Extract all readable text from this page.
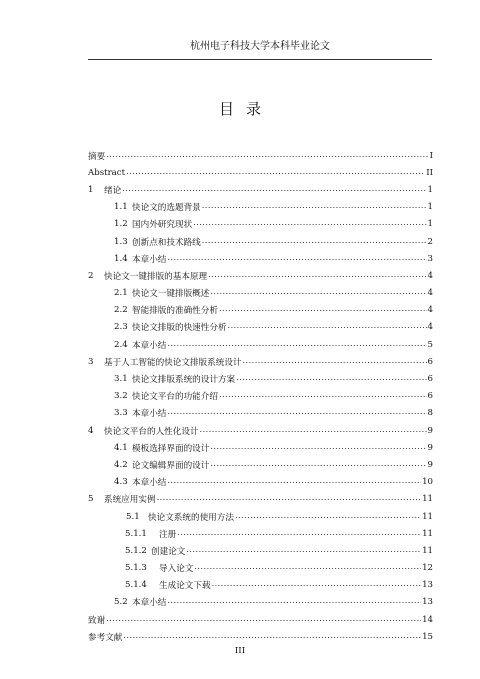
杭州电子科技大学本科毕业论文
目录
摘要 .....	I
Abstract .....	II
1	绪论 .....	1
1.1 快论文的选题背景 .....	1
1.2 国内外研究现状 .....	1
1.3 创新点和技术路线 .....	2
1.4 本章小结 .....	3
2	快论文一键排版的基本原理 .....	4
2.1 快论文一键排版概述 .....	4
2.2 智能排版的准确性分析 .....	4
2.3 快论文排版的快速性分析 .....	4
2.4 本章小结 .....	5
3	基于人工智能的快论文排版系统设计 .....	6
3.1 快论文排版系统的设计方案 .....	6
3.2 快论文平台的功能介绍 .....	6
3.3 本章小结 .....	8
4	快论文平台的人性化设计 .....	9
4.1 模板选择界面的设计 .....	9
4.2 论文编辑界面的设计 .....	9
4.3 本章小结 .....	10
5	系统应用实例 .....	11
5.1 快论文系统的使用方法 .....	11
5.1.1	注册 .....	11
5.1.2 创建论文 .....	11
5.1.3	导入论文 .....	12
5.1.4	生成论文下载 .....	13
5.2 本章小结 .....	13
致谢 .....	14
参考文献 .....	15
III
